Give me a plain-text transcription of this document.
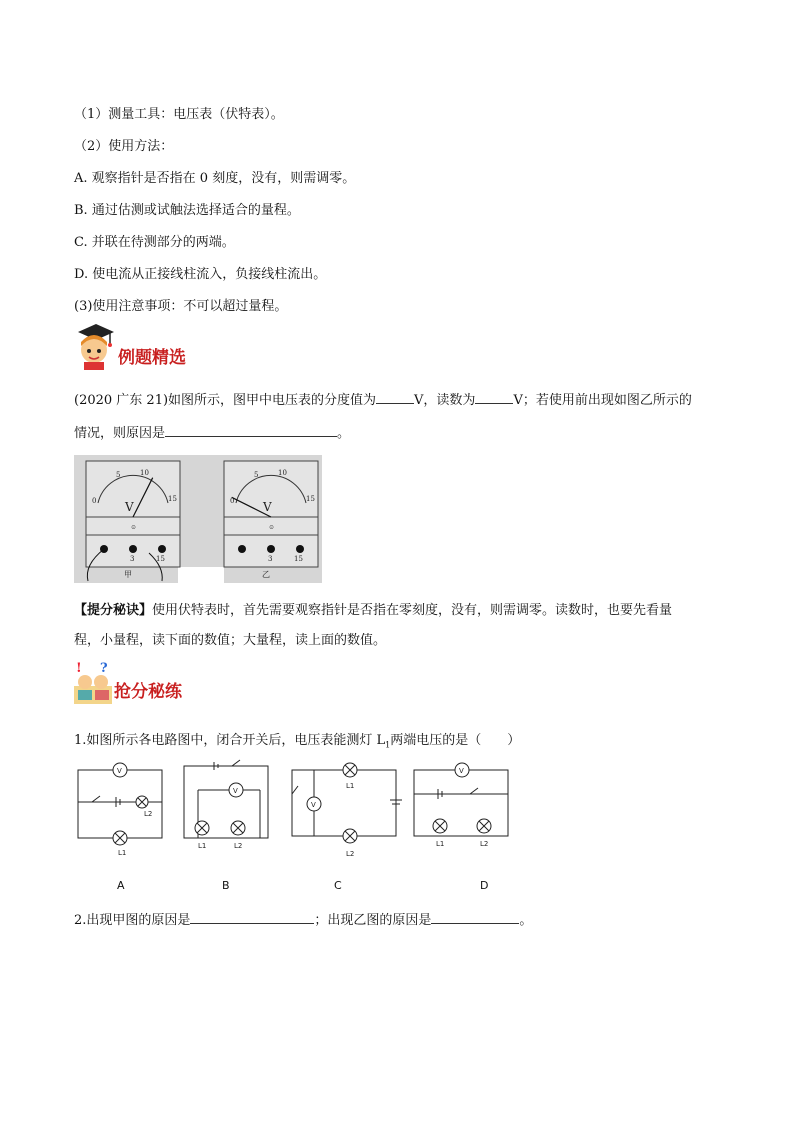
（1）测量工具：电压表（伏特表）。
（2）使用方法：
A. 观察指针是否指在 0 刻度，没有，则需调零。
B. 通过估测或试触法选择适合的量程。
C. 并联在待测部分的两端。
D. 使电流从正接线柱流入，负接线柱流出。
(3)使用注意事项：不可以超过量程。
例题精选
(2020 广东 21)如图所示，图甲中电压表的分度值为	V，读数为	V；若使用前出现如图乙所示的
情况，则原因是	。
0
5	10
15
V
⊙
3	15
甲
0
5	10
15
V
⊙
3	15
乙
【提分秘诀】使用伏特表时，首先需要观察指针是否指在零刻度，没有，则需调零。读数时，也要先看量
程，小量程，读下面的数值；大量程，读上面的数值。
! ?
抢分秘练
1.如图所示各电路图中，闭合开关后，电压表能测灯 $L_1$两端电压的是（　　）
V
V
V
V
L1
L2
L1	L2
L1
L2
L1	L2
A	B	C	D
2.出现甲图的原因是	；出现乙图的原因是	。
